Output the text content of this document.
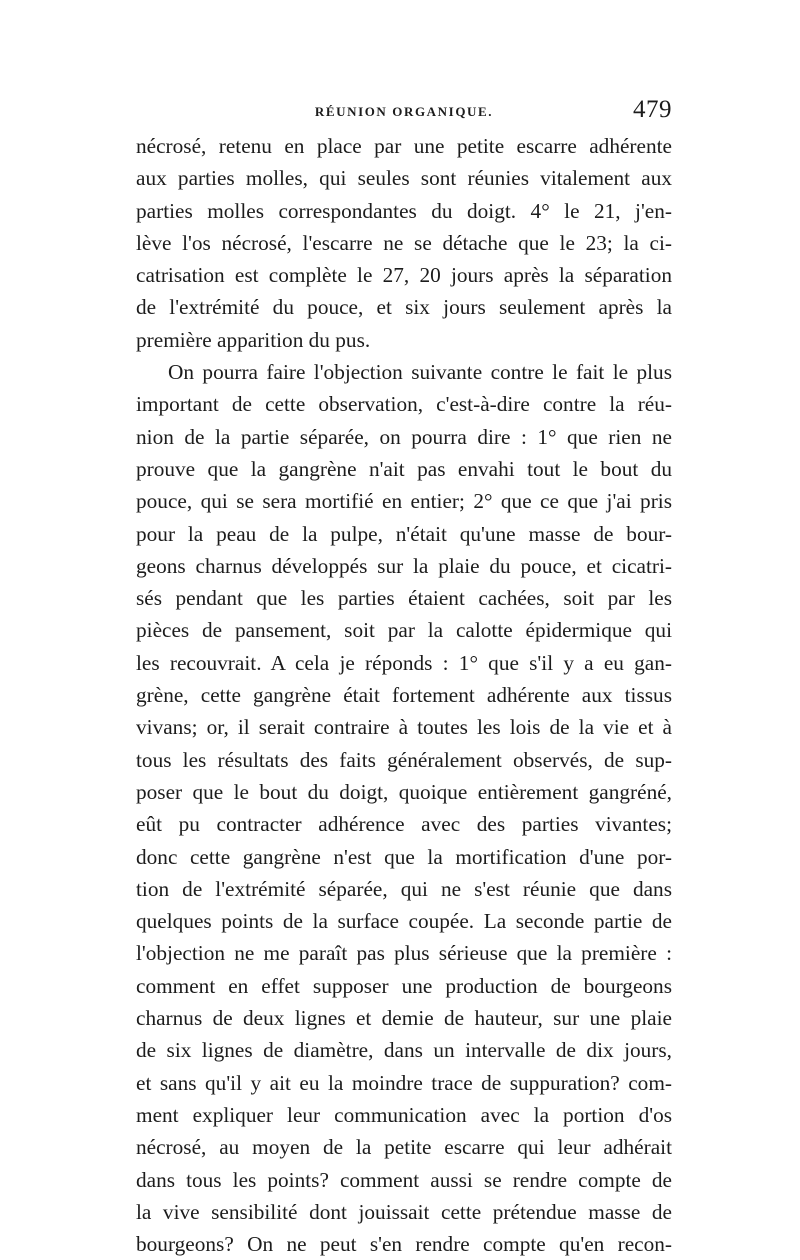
RÉUNION ORGANIQUE.	479
nécrosé, retenu en place par une petite escarre adhérente
aux parties molles, qui seules sont réunies vitalement aux
parties molles correspondantes du doigt. 4° le 21, j'en-
lève l'os nécrosé, l'escarre ne se détache que le 23; la ci-
catrisation est complète le 27, 20 jours après la séparation
de l'extrémité du pouce, et six jours seulement après la
première apparition du pus.
On pourra faire l'objection suivante contre le fait le plus
important de cette observation, c'est-à-dire contre la réu-
nion de la partie séparée, on pourra dire : 1° que rien ne
prouve que la gangrène n'ait pas envahi tout le bout du
pouce, qui se sera mortifié en entier; 2° que ce que j'ai pris
pour la peau de la pulpe, n'était qu'une masse de bour-
geons charnus développés sur la plaie du pouce, et cicatri-
sés pendant que les parties étaient cachées, soit par les
pièces de pansement, soit par la calotte épidermique qui
les recouvrait. A cela je réponds : 1° que s'il y a eu gan-
grène, cette gangrène était fortement adhérente aux tissus
vivans; or, il serait contraire à toutes les lois de la vie et à
tous les résultats des faits généralement observés, de sup-
poser que le bout du doigt, quoique entièrement gangréné,
eût pu contracter adhérence avec des parties vivantes;
donc cette gangrène n'est que la mortification d'une por-
tion de l'extrémité séparée, qui ne s'est réunie que dans
quelques points de la surface coupée. La seconde partie de
l'objection ne me paraît pas plus sérieuse que la première :
comment en effet supposer une production de bourgeons
charnus de deux lignes et demie de hauteur, sur une plaie
de six lignes de diamètre, dans un intervalle de dix jours,
et sans qu'il y ait eu la moindre trace de suppuration? com-
ment expliquer leur communication avec la portion d'os
nécrosé, au moyen de la petite escarre qui leur adhérait
dans tous les points? comment aussi se rendre compte de
la vive sensibilité dont jouissait cette prétendue masse de
bourgeons? On ne peut s'en rendre compte qu'en recon-
